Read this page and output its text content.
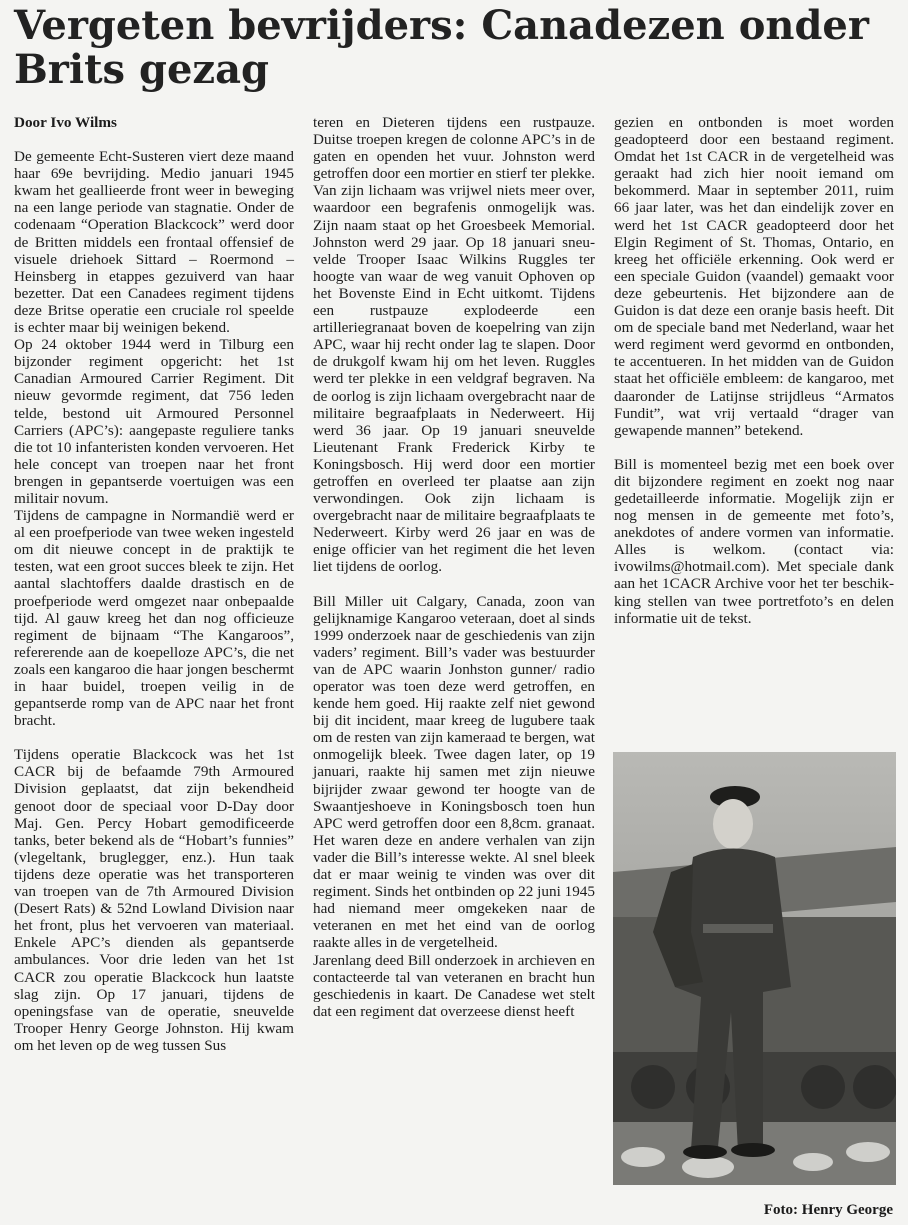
Vergeten bevrijders: Canadezen onder Brits gezag

Door Ivo Wilms

De gemeente Echt-Susteren viert deze maand haar 69e bevrijding. Medio januari 1945 kwam het geallieerde front weer in beweging na een lange periode van stagnatie. Onder de codenaam “Operation Blackcock” werd door de Britten middels een frontaal offensief de visuele driehoek Sittard – Roermond – Heinsberg in etappes gezuiverd van haar bezetter. Dat een Canadees regiment tijdens deze Britse operatie een cruciale rol speelde is echter maar bij weinigen bekend.

Op 24 oktober 1944 werd in Tilburg een bijzonder regiment opgericht: het 1st Canadian Armoured Carrier Regiment. Dit nieuw gevormde regiment, dat 756 leden telde, bestond uit Armoured Personnel Carriers (APC’s): aangepaste reguliere tanks die tot 10 infanteristen konden vervoeren. Het hele concept van troepen naar het front brengen in gepantserde voertuigen was een militair novum.

Tijdens de campagne in Normandië werd er al een proefperiode van twee weken ingesteld om dit nieuwe concept in de praktijk te testen, wat een groot succes bleek te zijn. Het aantal slachtoffers daalde drastisch en de proefperiode werd omgezet naar onbepaalde tijd. Al gauw kreeg het dan nog officieuze regiment de bijnaam “The Kangaroos”, refererende aan de koepelloze APC’s, die net zoals een kangaroo die haar jongen beschermt in haar buidel, troepen veilig in de gepantserde romp van de APC naar het front bracht.

Tijdens operatie Blackcock was het 1st CACR bij de befaamde 79th Armoured Division geplaatst, dat zijn bekendheid genoot door de speciaal voor D-Day door Maj. Gen. Percy Hobart gemodificeerde tanks, beter bekend als de “Hobart’s funnies” (vlegeltank, bruglegger, enz.). Hun taak tijdens deze operatie was het transporteren van troepen van de 7th Armoured Division (Desert Rats) & 52nd Lowland Division naar het front, plus het vervoeren van materiaal. Enkele APC’s dienden als gepantserde ambulances. Voor drie leden van het 1st CACR zou operatie Blackcock hun laatste slag zijn. Op 17 januari, tijdens de openingsfase van de operatie, sneuvelde Trooper Henry George Johnston. Hij kwam om het leven op de weg tussen Sus

teren en Dieteren tijdens een rustpauze. Duitse troepen kregen de colonne APC’s in de gaten en openden het vuur. Johnston werd getroffen door een mortier en stierf ter plekke. Van zijn lichaam was vrijwel niets meer over, waardoor een begrafenis onmogelijk was. Zijn naam staat op het Groesbeek Memorial. Johnston werd 29 jaar. Op 18 januari sneuvelde Trooper Isaac Wilkins Ruggles ter hoogte van waar de weg vanuit Ophoven op het Bovenste Eind in Echt uitkomt. Tijdens een rustpauze explodeerde een artilleriegranaat boven de koepelring van zijn APC, waar hij recht onder lag te slapen. Door de drukgolf kwam hij om het leven. Ruggles werd ter plekke in een veldgraf begraven. Na de oorlog is zijn lichaam overgebracht naar de militaire begraafplaats in Nederweert. Hij werd 36 jaar. Op 19 januari sneuvelde Lieutenant Frank Frederick Kirby te Koningsbosch. Hij werd door een mortier getroffen en overleed ter plaatse aan zijn verwondingen. Ook zijn lichaam is overgebracht naar de militaire begraafplaats te Nederweert. Kirby werd 26 jaar en was de enige officier van het regiment die het leven liet tijdens de oorlog.

Bill Miller uit Calgary, Canada, zoon van gelijknamige Kangaroo veteraan, doet al sinds 1999 onderzoek naar de geschiedenis van zijn vaders’ regiment. Bill’s vader was bestuurder van de APC waarin Jonhston gunner/ radio operator was toen deze werd getroffen, en kende hem goed. Hij raakte zelf niet gewond bij dit incident, maar kreeg de lugubere taak om de resten van zijn kameraad te bergen, wat onmogelijk bleek. Twee dagen later, op 19 januari, raakte hij samen met zijn nieuwe bijrijder zwaar gewond ter hoogte van de Swaantjeshoeve in Koningsbosch toen hun APC werd getroffen door een 8,8cm. granaat. Het waren deze en andere verhalen van zijn vader die Bill’s interesse wekte. Al snel bleek dat er maar weinig te vinden was over dit regiment. Sinds het ontbinden op 22 juni 1945 had niemand meer omgekeken naar de veteranen en met het eind van de oorlog raakte alles in de vergetelheid.

Jarenlang deed Bill onderzoek in archieven en contacteerde tal van veteranen en bracht hun geschiedenis in kaart. De Canadese wet stelt dat een regiment dat overzeese dienst heeft

gezien en ontbonden is moet worden geadopteerd door een bestaand regiment. Omdat het 1st CACR in de vergetelheid was geraakt had zich hier nooit iemand om bekommerd. Maar in september 2011, ruim 66 jaar later, was het dan eindelijk zover en werd het 1st CACR geadopteerd door het Elgin Regiment of St. Thomas, Ontario, en kreeg het officiële erkenning. Ook werd er een speciale Guidon (vaandel) gemaakt voor deze gebeurtenis. Het bijzondere aan de Guidon is dat deze een oranje basis heeft. Dit om de speciale band met Nederland, waar het werd regiment werd gevormd en ontbonden, te accentueren. In het midden van de Guidon staat het officiële embleem: de kangaroo, met daaronder de Latijnse strijdleus “Armatos Fundit”, wat vrij vertaald “drager van gewapende mannen” betekend.

Bill is momenteel bezig met een boek over dit bijzondere regiment en zoekt nog naar gedetailleerde informatie. Mogelijk zijn er nog mensen in de gemeente met foto’s, anekdotes of andere vormen van informatie. Alles is welkom. (contact via: ivowilms@hotmail.com). Met speciale dank aan het 1CACR Archive voor het ter beschikking stellen van twee portretfoto’s en delen informatie uit de tekst.

Foto: Henry George
